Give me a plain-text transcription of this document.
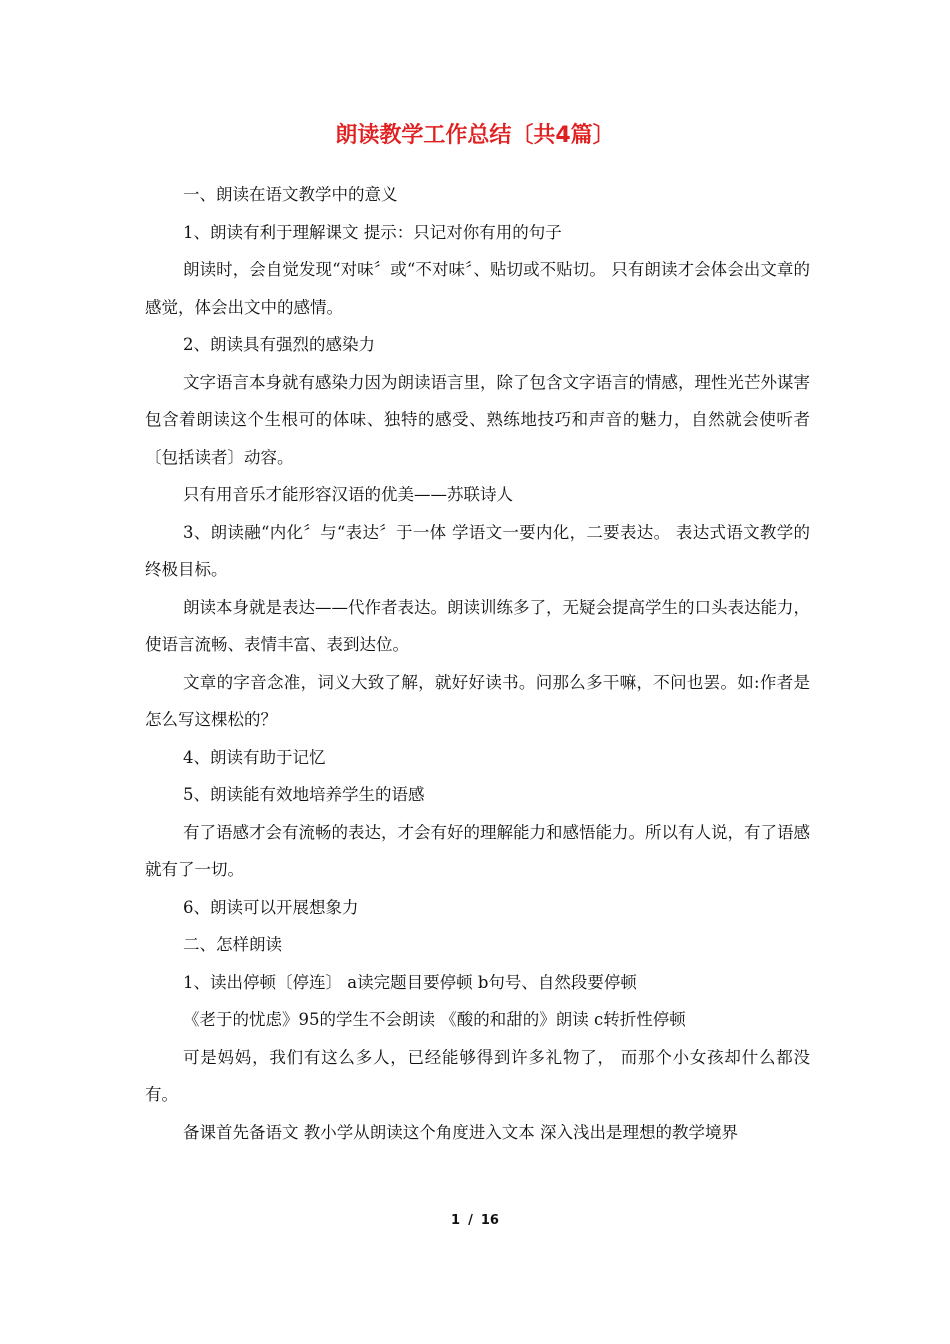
朗读教学工作总结〔共4篇〕

一、朗读在语文教学中的意义

1、朗读有利于理解课文 提示：只记对你有用的句子

朗读时，会自觉发现“对味〞或“不对味〞、贴切或不贴切。 只有朗读才会体会出文章的感觉，体会出文中的感情。

2、朗读具有强烈的感染力

文字语言本身就有感染力因为朗读语言里，除了包含文字语言的情感，理性光芒外谋害包含着朗读这个生根可的体味、独特的感受、熟练地技巧和声音的魅力，自然就会使听者〔包括读者〕动容。

只有用音乐才能形容汉语的优美——苏联诗人

3、朗读融“内化〞与“表达〞于一体 学语文一要内化，二要表达。 表达式语文教学的终极目标。

朗读本身就是表达——代作者表达。朗读训练多了，无疑会提高学生的口头表达能力，使语言流畅、表情丰富、表到达位。

文章的字音念准，词义大致了解，就好好读书。问那么多干嘛，不问也罢。如:作者是怎么写这棵松的？

4、朗读有助于记忆

5、朗读能有效地培养学生的语感

有了语感才会有流畅的表达，才会有好的理解能力和感悟能力。所以有人说，有了语感就有了一切。

6、朗读可以开展想象力

二、怎样朗读

1、读出停顿〔停连〕 a读完题目要停顿 b句号、自然段要停顿

《老于的忧虑》95的学生不会朗读 《酸的和甜的》朗读 c转折性停顿

可是妈妈，我们有这么多人，已经能够得到许多礼物了， 而那个小女孩却什么都没有。

备课首先备语文 教小学从朗读这个角度进入文本 深入浅出是理想的教学境界

1 / 16
